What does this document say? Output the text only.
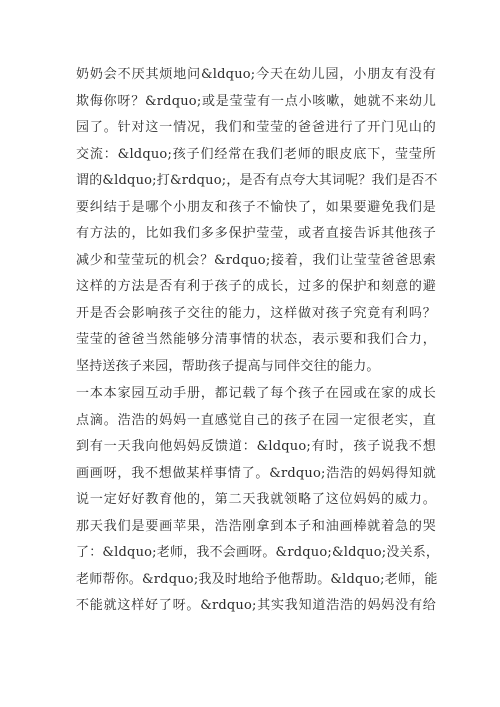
奶奶会不厌其烦地问&ldquo;今天在幼儿园，小朋友有没有
欺侮你呀？&rdquo;或是莹莹有一点小咳嗽，她就不来幼儿
园了。针对这一情况，我们和莹莹的爸爸进行了开门见山的
交流：&ldquo;孩子们经常在我们老师的眼皮底下，莹莹所
谓的&ldquo;打&rdquo;，是否有点夸大其词呢？我们是否不
要纠结于是哪个小朋友和孩子不愉快了，如果要避免我们是
有方法的，比如我们多多保护莹莹，或者直接告诉其他孩子
减少和莹莹玩的机会？&rdquo;接着，我们让莹莹爸爸思索
这样的方法是否有利于孩子的成长，过多的保护和刻意的避
开是否会影响孩子交往的能力，这样做对孩子究竟有利吗？
莹莹的爸爸当然能够分清事情的状态，表示要和我们合力，
坚持送孩子来园，帮助孩子提高与同伴交往的能力。
一本本家园互动手册，都记载了每个孩子在园或在家的成长
点滴。浩浩的妈妈一直感觉自己的孩子在园一定很老实，直
到有一天我向他妈妈反馈道：&ldquo;有时，孩子说我不想
画画呀，我不想做某样事情了。&rdquo;浩浩的妈妈得知就
说一定好好教育他的，第二天我就领略了这位妈妈的威力。
那天我们是要画苹果，浩浩刚拿到本子和油画棒就着急的哭
了：&ldquo;老师，我不会画呀。&rdquo;&ldquo;没关系，
老师帮你。&rdquo;我及时地给予他帮助。&ldquo;老师，能
不能就这样好了呀。&rdquo;其实我知道浩浩的妈妈没有给
